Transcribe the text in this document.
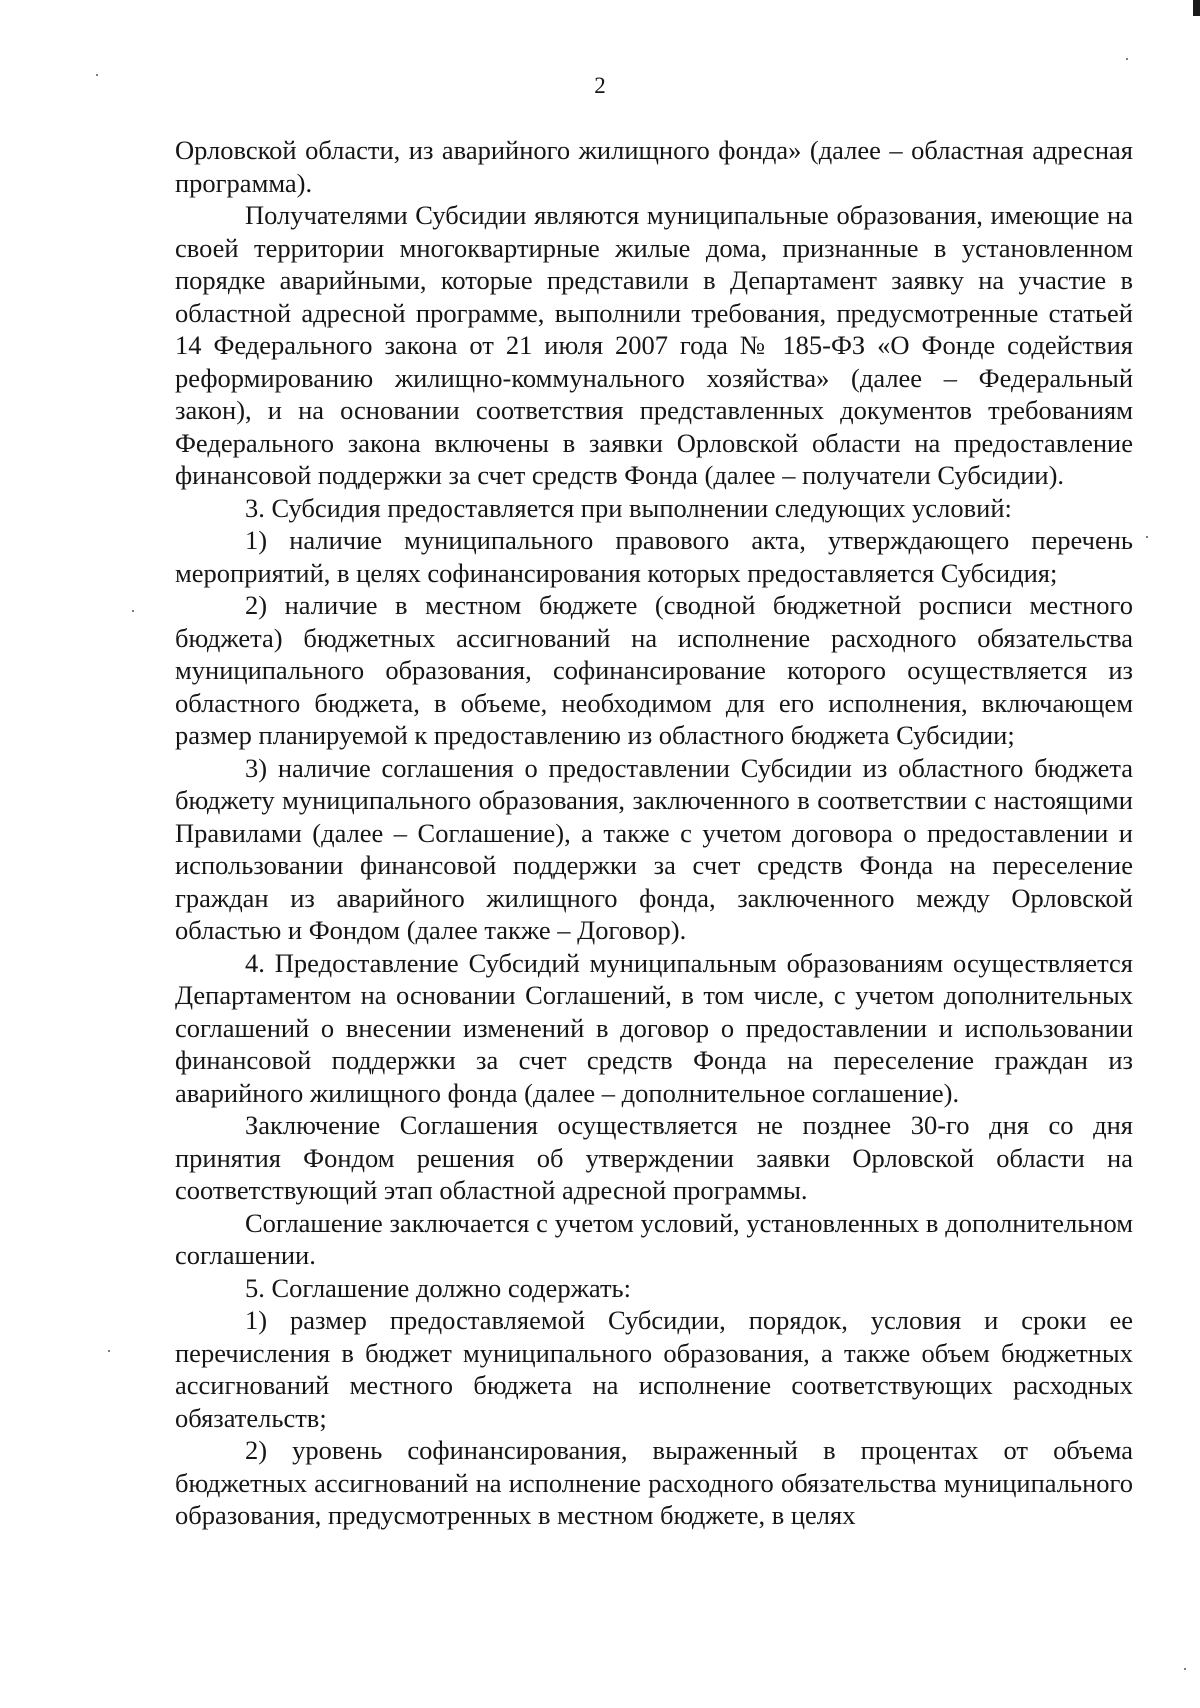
2

Орловской области, из аварийного жилищного фонда» (далее – областная адресная программа).

Получателями Субсидии являются муниципальные образования, имеющие на своей территории многоквартирные жилые дома, признанные в установленном порядке аварийными, которые представили в Департамент заявку на участие в областной адресной программе, выполнили требования, предусмотренные статьей 14 Федерального закона от 21 июля 2007 года № 185-ФЗ «О Фонде содействия реформированию жилищно-коммунального хозяйства» (далее – Федеральный закон), и на основании соответствия представленных документов требованиям Федерального закона включены в заявки Орловской области на предоставление финансовой поддержки за счет средств Фонда (далее – получатели Субсидии).

3. Субсидия предоставляется при выполнении следующих условий:

1) наличие муниципального правового акта, утверждающего перечень мероприятий, в целях софинансирования которых предоставляется Субсидия;

2) наличие в местном бюджете (сводной бюджетной росписи местного бюджета) бюджетных ассигнований на исполнение расходного обязательства муниципального образования, софинансирование которого осуществляется из областного бюджета, в объеме, необходимом для его исполнения, включающем размер планируемой к предоставлению из областного бюджета Субсидии;

3) наличие соглашения о предоставлении Субсидии из областного бюджета бюджету муниципального образования, заключенного в соответствии с настоящими Правилами (далее – Соглашение), а также с учетом договора о предоставлении и использовании финансовой поддержки за счет средств Фонда на переселение граждан из аварийного жилищного фонда, заключенного между Орловской областью и Фондом (далее также – Договор).

4. Предоставление Субсидий муниципальным образованиям осуществляется Департаментом на основании Соглашений, в том числе, с учетом дополнительных соглашений о внесении изменений в договор о предоставлении и использовании финансовой поддержки за счет средств Фонда на переселение граждан из аварийного жилищного фонда (далее – дополнительное соглашение).

Заключение Соглашения осуществляется не позднее 30-го дня со дня принятия Фондом решения об утверждении заявки Орловской области на соответствующий этап областной адресной программы.

Соглашение заключается с учетом условий, установленных в дополнительном соглашении.

5. Соглашение должно содержать:

1) размер предоставляемой Субсидии, порядок, условия и сроки ее перечисления в бюджет муниципального образования, а также объем бюджетных ассигнований местного бюджета на исполнение соответствующих расходных обязательств;

2) уровень софинансирования, выраженный в процентах от объема бюджетных ассигнований на исполнение расходного обязательства муниципального образования, предусмотренных в местном бюджете, в целях
